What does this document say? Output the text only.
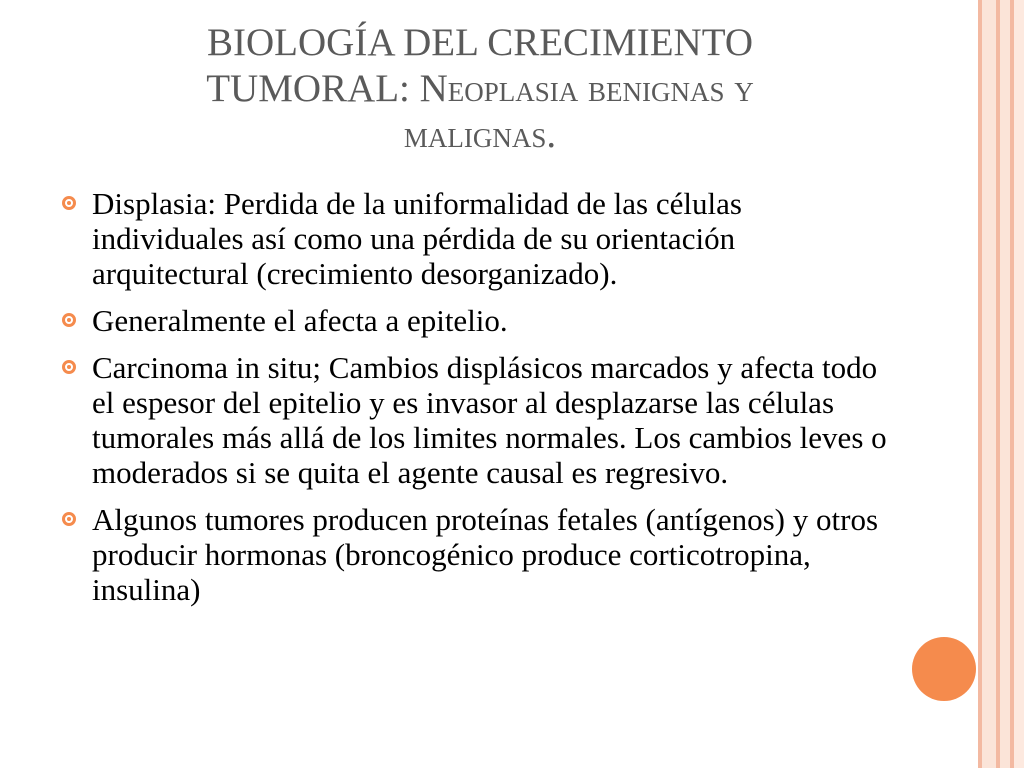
BIOLOGÍA DEL CRECIMIENTO
TUMORAL: Neoplasia benignas y
malignas.
Displasia: Perdida de la uniformalidad de las células individuales así como una pérdida de su orientación arquitectural (crecimiento desorganizado).
Generalmente el afecta a epitelio.
Carcinoma in situ; Cambios displásicos marcados y afecta todo el espesor del epitelio y es invasor al desplazarse las células tumorales más allá de los limites normales. Los cambios leves o moderados si se quita el agente causal es regresivo.
Algunos tumores producen proteínas fetales (antígenos) y otros producir hormonas (broncogénico produce corticotropina, insulina)
